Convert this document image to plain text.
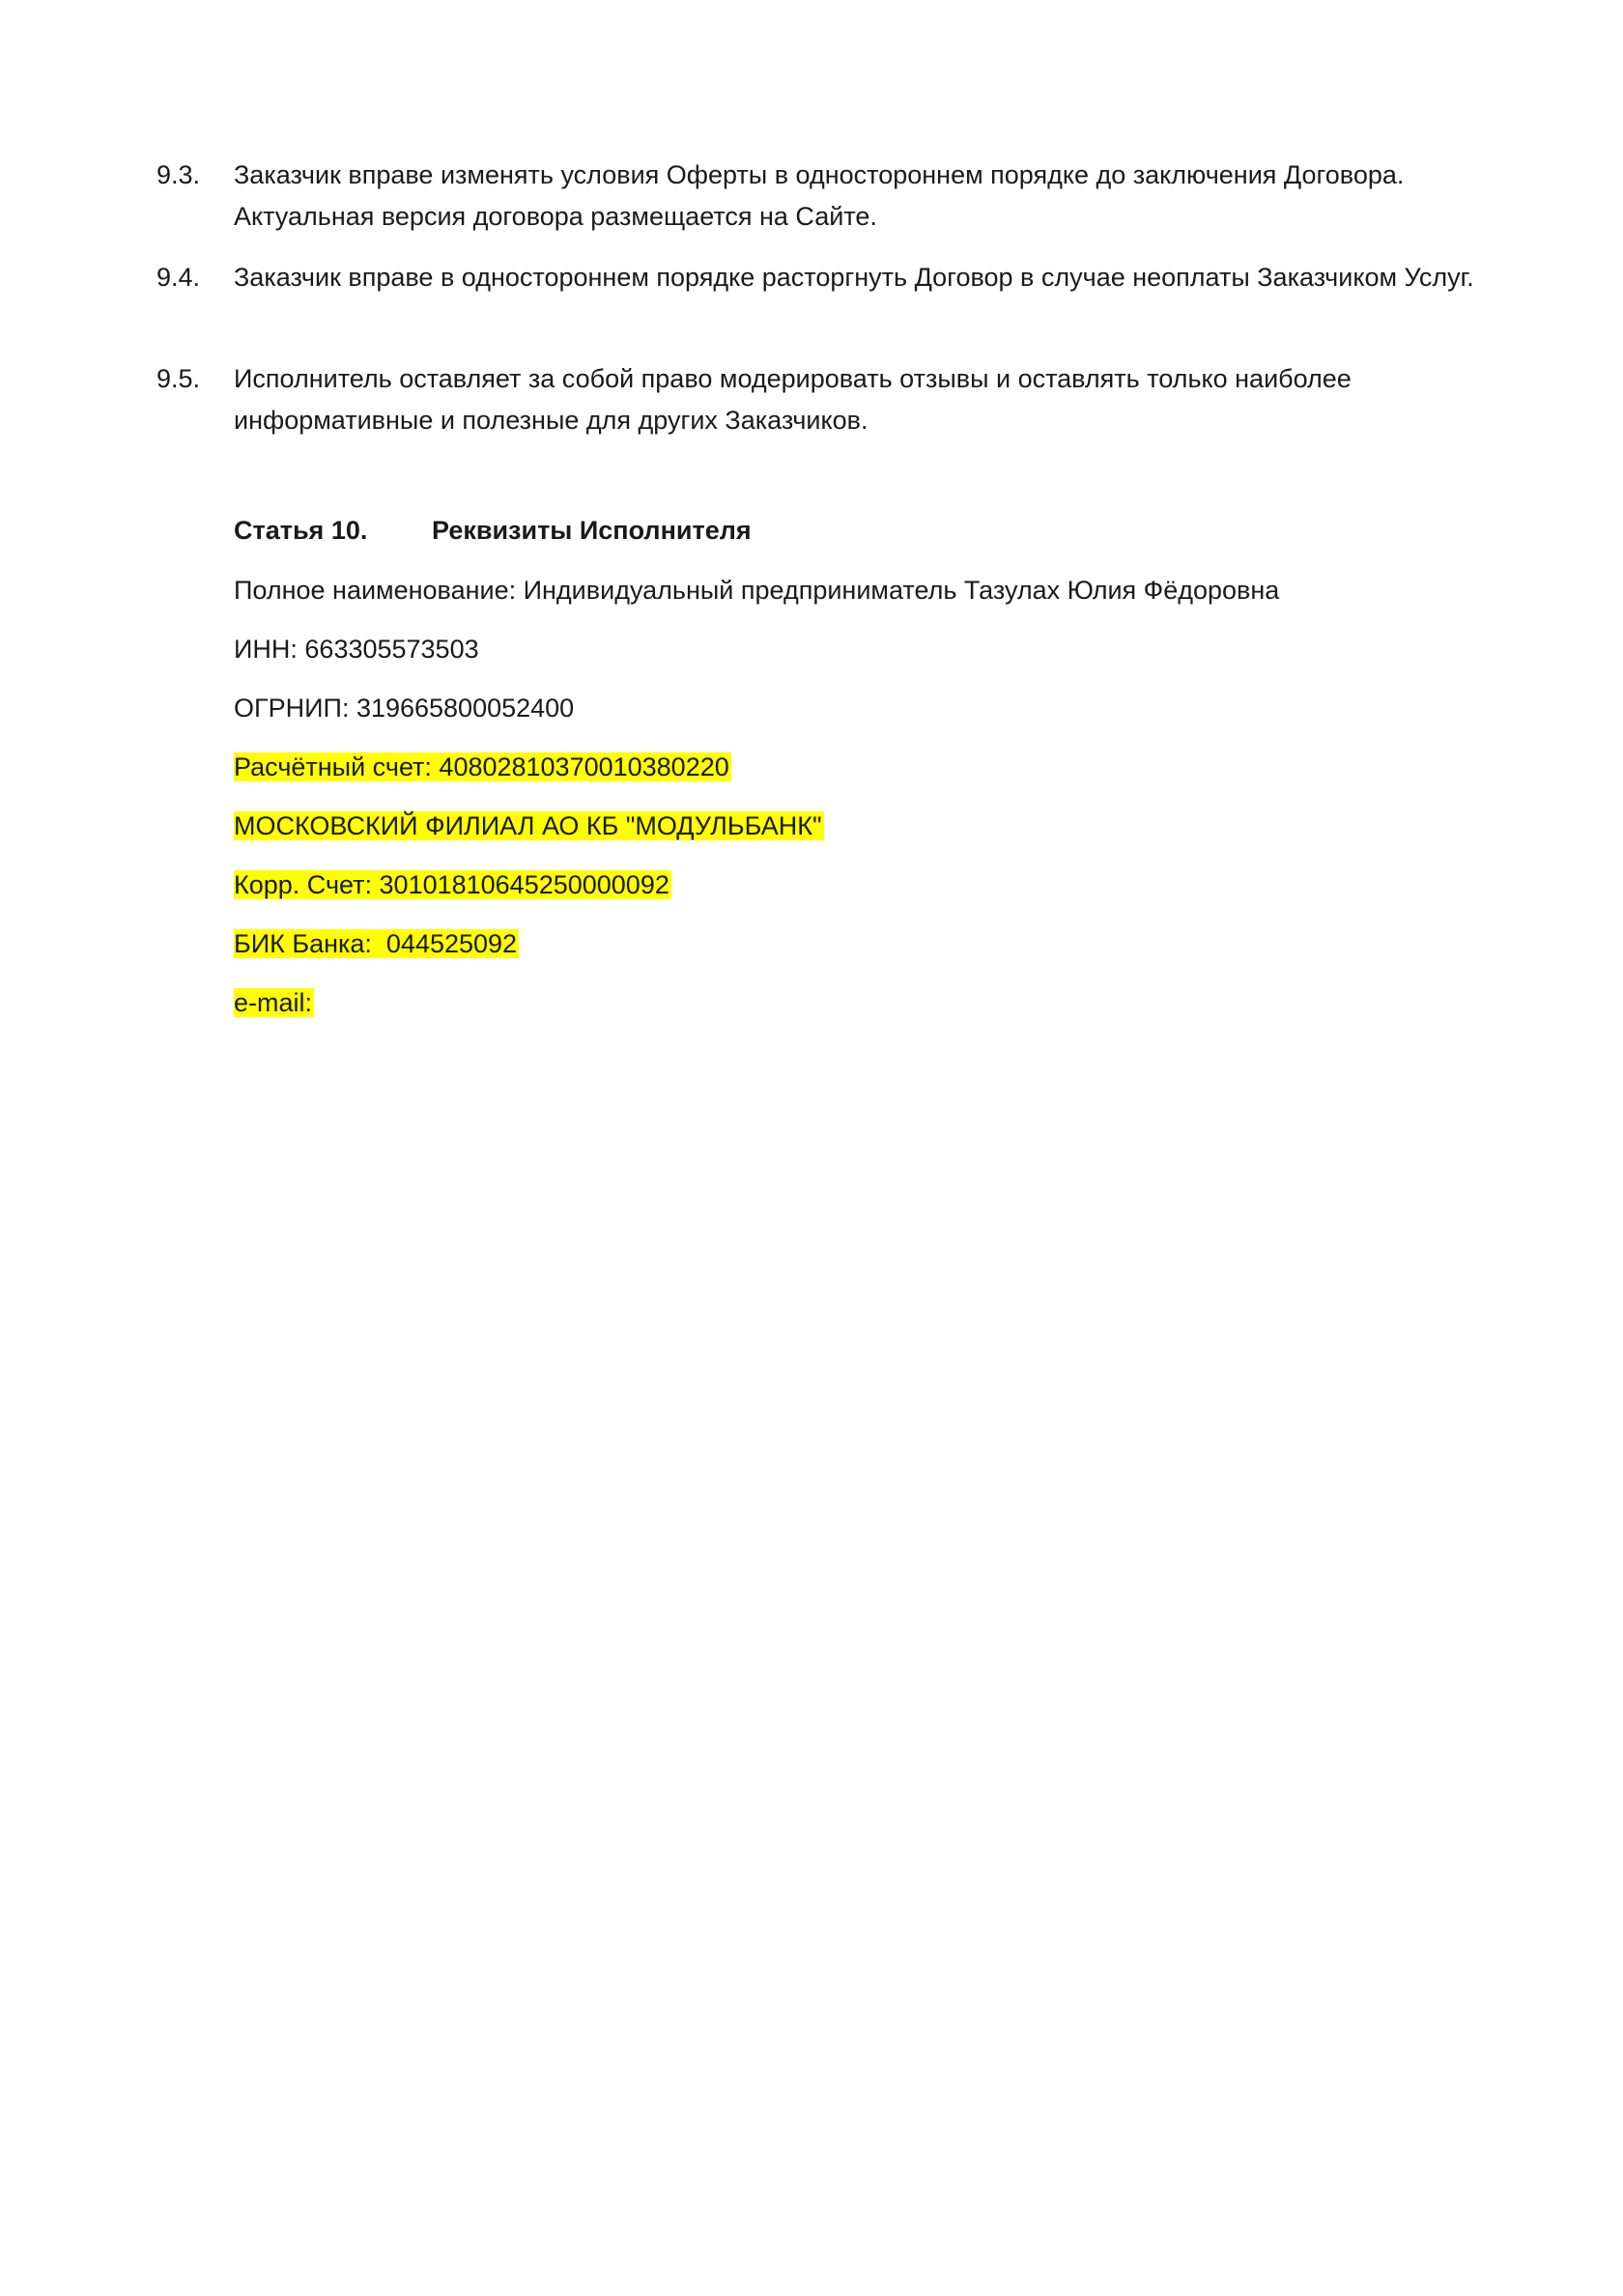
9.3. Заказчик вправе изменять условия Оферты в одностороннем порядке до заключения Договора. Актуальная версия договора размещается на Сайте.
9.4. Заказчик вправе в одностороннем порядке расторгнуть Договор в случае неоплаты Заказчиком Услуг.
9.5. Исполнитель оставляет за собой право модерировать отзывы и оставлять только наиболее информативные и полезные для других Заказчиков.
Статья 10. Реквизиты Исполнителя
Полное наименование: Индивидуальный предприниматель Тазулах Юлия Фёдоровна
ИНН: 663305573503
ОГРНИП: 319665800052400
Расчётный счет: 40802810370010380220
МОСКОВСКИЙ ФИЛИАЛ АО КБ "МОДУЛЬБАНК"
Корр. Счет: 30101810645250000092
БИК Банка:  044525092
e-mail:
